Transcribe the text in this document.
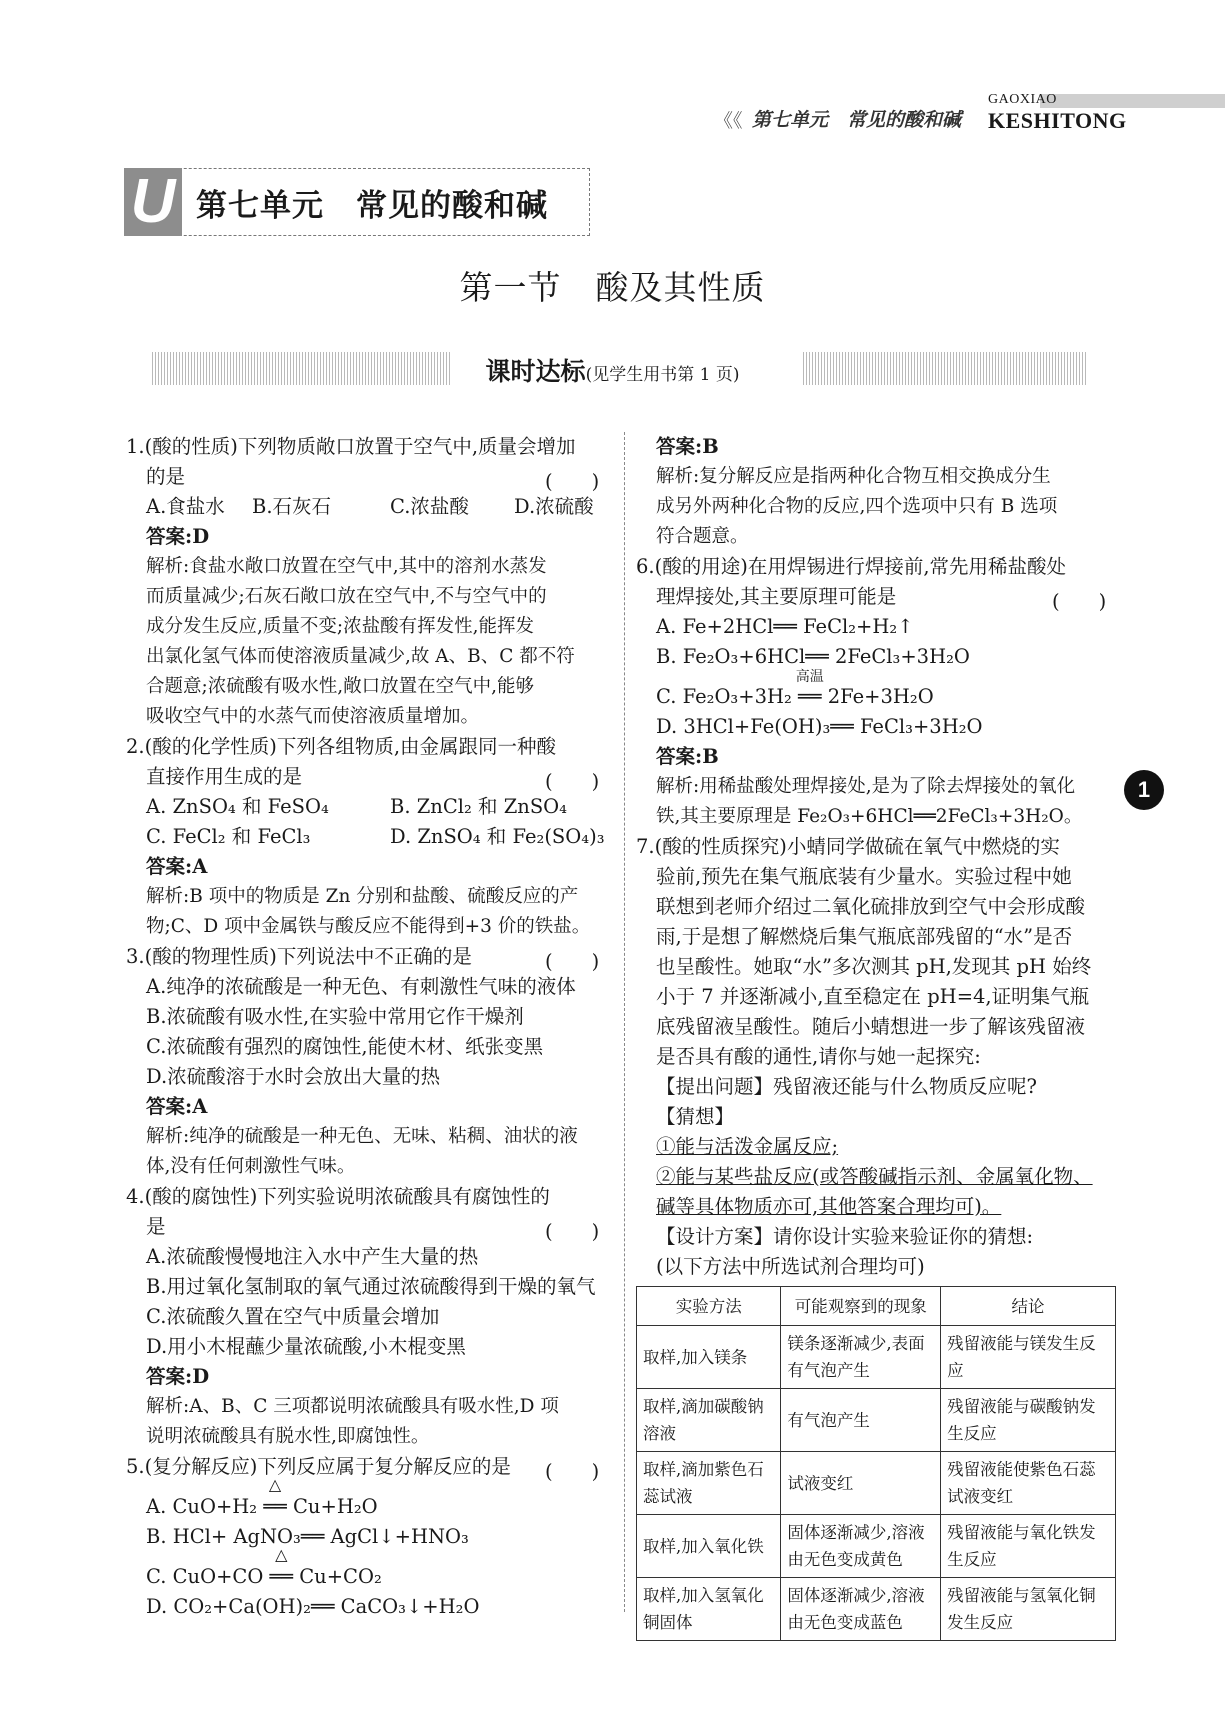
GAOXIAO
KESHITONG
《《 第七单元　常见的酸和碱
U 第七单元　常见的酸和碱
第一节　酸及其性质
课时达标(见学生用书第 1 页)
1.(酸的性质)下列物质敞口放置于空气中,质量会增加
的是	(　　)
A.食盐水 B.石灰石	C.浓盐酸 D.浓硫酸
答案:D
解析:食盐水敞口放置在空气中,其中的溶剂水蒸发
而质量减少;石灰石敞口放在空气中,不与空气中的
成分发生反应,质量不变;浓盐酸有挥发性,能挥发
出氯化氢气体而使溶液质量减少,故 A、B、C 都不符
合题意;浓硫酸有吸水性,敞口放置在空气中,能够
吸收空气中的水蒸气而使溶液质量增加。
2.(酸的化学性质)下列各组物质,由金属跟同一种酸
直接作用生成的是	(　　)
A. ZnSO₄ 和 FeSO₄	B. ZnCl₂ 和 ZnSO₄
C. FeCl₂ 和 FeCl₃	D. ZnSO₄ 和 Fe₂(SO₄)₃
答案:A
解析:B 项中的物质是 Zn 分别和盐酸、硫酸反应的产
物;C、D 项中金属铁与酸反应不能得到+3 价的铁盐。
3.(酸的物理性质)下列说法中不正确的是	(　　)
A.纯净的浓硫酸是一种无色、有刺激性气味的液体
B.浓硫酸有吸水性,在实验中常用它作干燥剂
C.浓硫酸有强烈的腐蚀性,能使木材、纸张变黑
D.浓硫酸溶于水时会放出大量的热
答案:A
解析:纯净的硫酸是一种无色、无味、粘稠、油状的液
体,没有任何刺激性气味。
4.(酸的腐蚀性)下列实验说明浓硫酸具有腐蚀性的
是	(　　)
A.浓硫酸慢慢地注入水中产生大量的热
B.用过氧化氢制取的氧气通过浓硫酸得到干燥的氧气
C.浓硫酸久置在空气中质量会增加
D.用小木棍蘸少量浓硫酸,小木棍变黑
答案:D
解析:A、B、C 三项都说明浓硫酸具有吸水性,D 项
说明浓硫酸具有脱水性,即腐蚀性。
5.(复分解反应)下列反应属于复分解反应的是 (　　)
A. CuO+H₂
△
══ Cu+H₂O
B. HCl+ AgNO₃══ AgCl↓+HNO₃
C. CuO+CO
△
══ Cu+CO₂
D. CO₂+Ca(OH)₂══ CaCO₃↓+H₂O
答案:B
解析:复分解反应是指两种化合物互相交换成分生
成另外两种化合物的反应,四个选项中只有 B 选项
符合题意。
6.(酸的用途)在用焊锡进行焊接前,常先用稀盐酸处
理焊接处,其主要原理可能是	(　　)
A. Fe+2HCl══ FeCl₂+H₂↑
B. Fe₂O₃+6HCl══ 2FeCl₃+3H₂O
C. Fe₂O₃+3H₂
高温
══ 2Fe+3H₂O
D. 3HCl+Fe(OH)₃══ FeCl₃+3H₂O
答案:B
解析:用稀盐酸处理焊接处,是为了除去焊接处的氧化
铁,其主要原理是 Fe₂O₃+6HCl══2FeCl₃+3H₂O。
1
7.(酸的性质探究)小蜻同学做硫在氧气中燃烧的实
验前,预先在集气瓶底装有少量水。实验过程中她
联想到老师介绍过二氧化硫排放到空气中会形成酸
雨,于是想了解燃烧后集气瓶底部残留的“水”是否
也呈酸性。她取“水”多次测其 pH,发现其 pH 始终
小于 7 并逐渐减小,直至稳定在 pH=4,证明集气瓶
底残留液呈酸性。随后小蜻想进一步了解该残留液
是否具有酸的通性,请你与她一起探究:
【提出问题】残留液还能与什么物质反应呢?
【猜想】
①能与活泼金属反应;
②能与某些盐反应(或答酸碱指示剂、金属氧化物、
碱等具体物质亦可,其他答案合理均可)。
【设计方案】请你设计实验来验证你的猜想:
(以下方法中所选试剂合理均可)
实验方法	可能观察到的现象	结论
取样,加入镁条	镁条逐渐减少,表面有气泡产生	残留液能与镁发生反应
取样,滴加碳酸钠溶液	有气泡产生	残留液能与碳酸钠发生反应
取样,滴加紫色石蕊试液	试液变红	残留液能使紫色石蕊试液变红
取样,加入氧化铁	固体逐渐减少,溶液由无色变成黄色	残留液能与氧化铁发生反应
取样,加入氢氧化铜固体	固体逐渐减少,溶液由无色变成蓝色	残留液能与氢氧化铜发生反应
